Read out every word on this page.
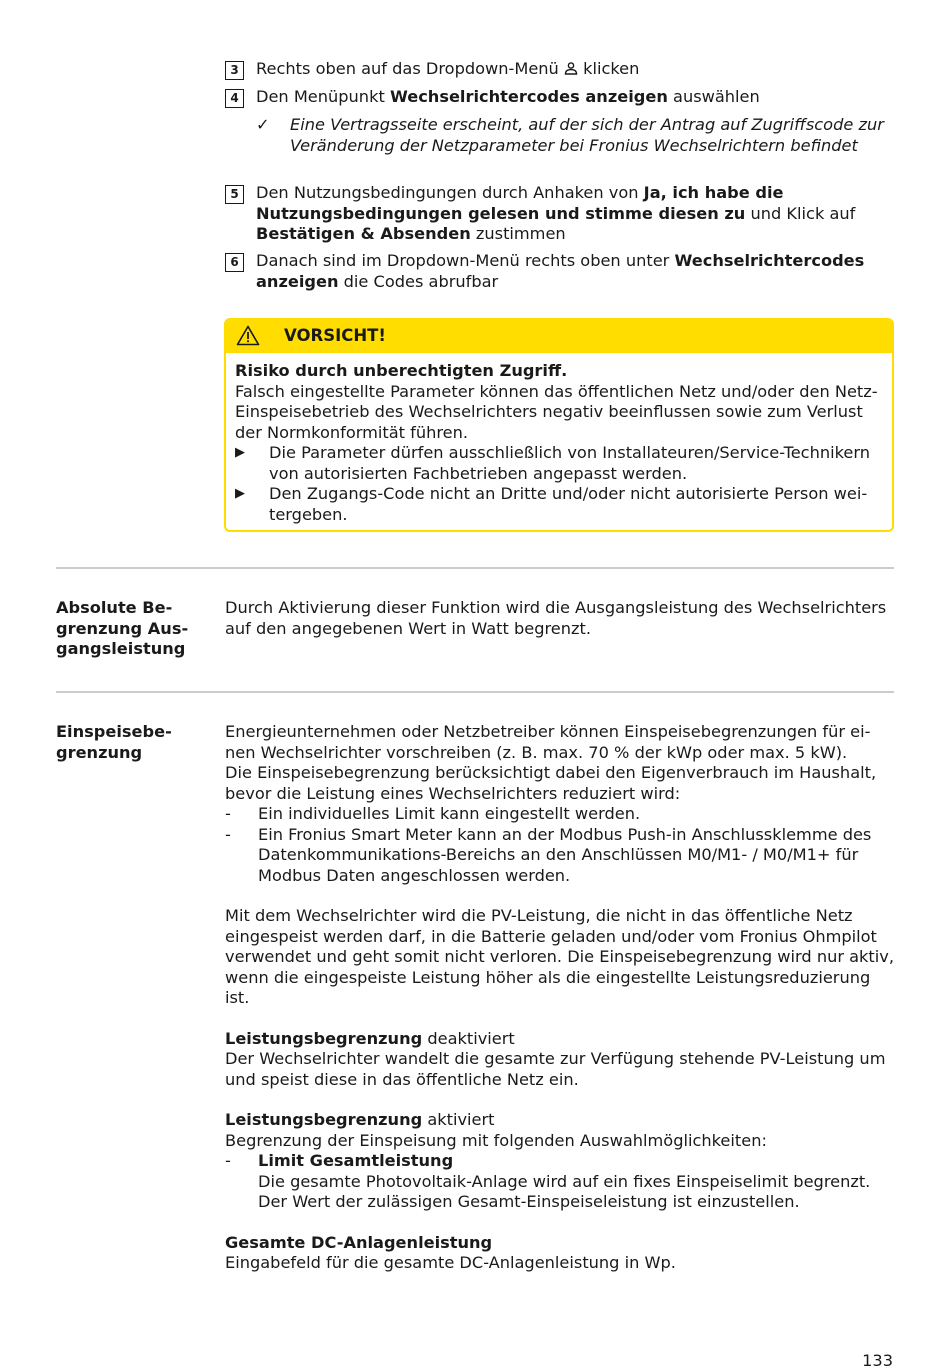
3	Rechts oben auf das Dropdown-Menü  klicken
4	Den Menüpunkt Wechselrichtercodes anzeigen auswählen
✓ Eine Vertragsseite erscheint, auf der sich der Antrag auf Zugriffscode zur Veränderung der Netzparameter bei Fronius Wechselrichtern befindet
5	Den Nutzungsbedingungen durch Anhaken von Ja, ich habe die Nutzungsbedingungen gelesen und stimme diesen zu und Klick auf Bestätigen & Absenden zustimmen
6	Danach sind im Dropdown-Menü rechts oben unter Wechselrichtercodes anzeigen die Codes abrufbar
VORSICHT!
Risiko durch unberechtigten Zugriff.
Falsch eingestellte Parameter können das öffentlichen Netz und/oder den Netz-Einspeisebetrieb des Wechselrichters negativ beeinflussen sowie zum Verlust der Normkonformität führen.
▶ Die Parameter dürfen ausschließlich von Installateuren/Service-Technikern von autorisierten Fachbetrieben angepasst werden.
▶ Den Zugangs-Code nicht an Dritte und/oder nicht autorisierte Person weitergeben.
Absolute Begrenzung Ausgangsleistung
Durch Aktivierung dieser Funktion wird die Ausgangsleistung des Wechselrichters auf den angegebenen Wert in Watt begrenzt.
Einspeisebegrenzung

Energieunternehmen oder Netzbetreiber können Einspeisebegrenzungen für einen Wechselrichter vorschreiben (z. B. max. 70 % der kWp oder max. 5 kW).

Die Einspeisebegrenzung berücksichtigt dabei den Eigenverbrauch im Haushalt, bevor die Leistung eines Wechselrichters reduziert wird:

- Ein individuelles Limit kann eingestellt werden.
- Ein Fronius Smart Meter kann an der Modbus Push-in Anschlussklemme des Datenkommunikations-Bereichs an den Anschlüssen M0/M1- / M0/M1+ für Modbus Daten angeschlossen werden.

Mit dem Wechselrichter wird die PV-Leistung, die nicht in das öffentliche Netz eingespeist werden darf, in die Batterie geladen und/oder vom Fronius Ohmpilot verwendet und geht somit nicht verloren. Die Einspeisebegrenzung wird nur aktiv, wenn die eingespeiste Leistung höher als die eingestellte Leistungsreduzierung ist.

Leistungsbegrenzung deaktiviert

Der Wechselrichter wandelt die gesamte zur Verfügung stehende PV-Leistung um und speist diese in das öffentliche Netz ein.

Leistungsbegrenzung aktiviert

Begrenzung der Einspeisung mit folgenden Auswahlmöglichkeiten:

- Limit Gesamtleistung
Die gesamte Photovoltaik-Anlage wird auf ein fixes Einspeiselimit begrenzt. Der Wert der zulässigen Gesamt-Einspeiseleistung ist einzustellen.

Gesamte DC-Anlagenleistung

Eingabefeld für die gesamte DC-Anlagenleistung in Wp.

133
